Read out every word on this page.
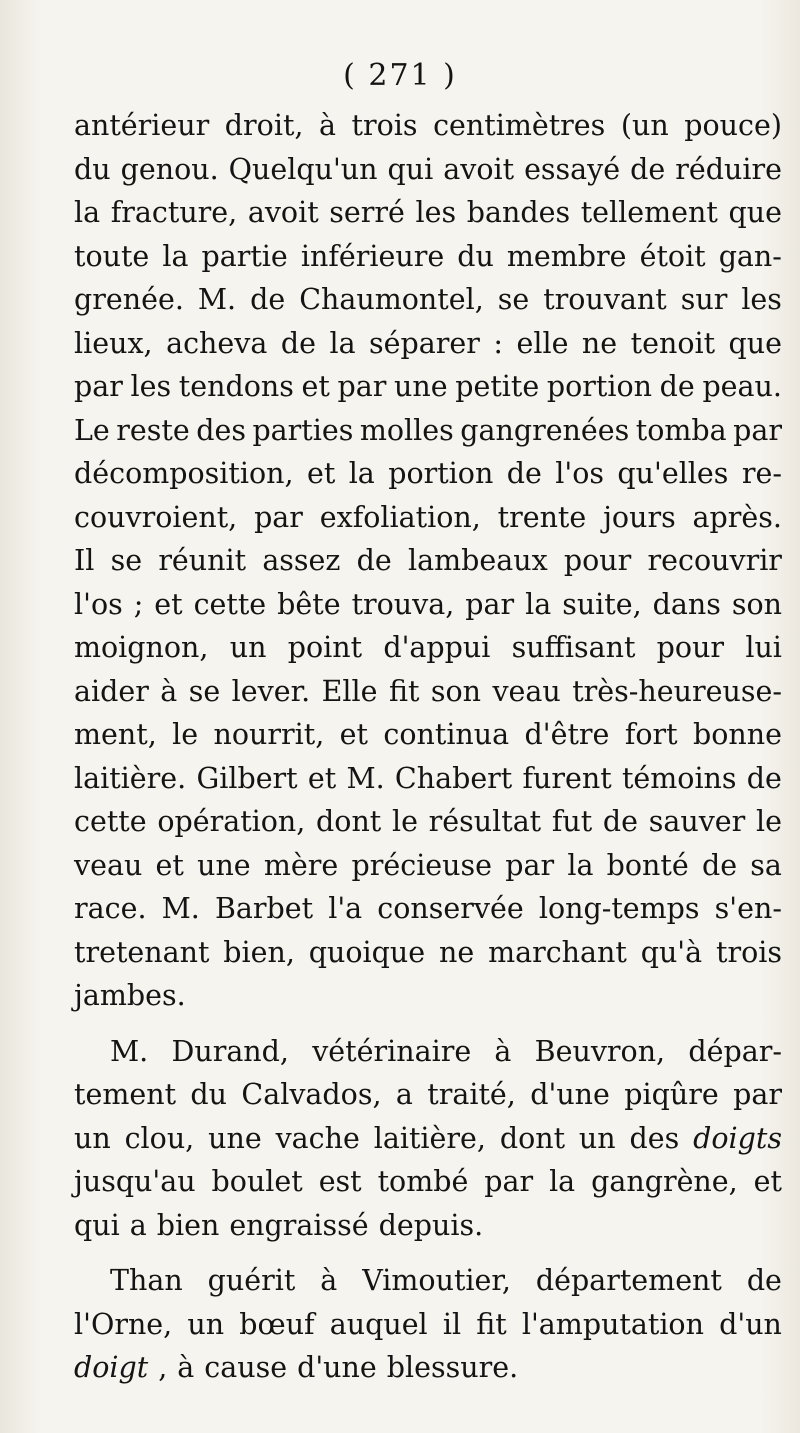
( 271 )
antérieur droit, à trois centimètres (un pouce)
du genou. Quelqu'un qui avoit essayé de réduire
la fracture, avoit serré les bandes tellement que
toute la partie inférieure du membre étoit gan-
grenée. M. de Chaumontel, se trouvant sur les
lieux, acheva de la séparer : elle ne tenoit que
par les tendons et par une petite portion de peau.
Le reste des parties molles gangrenées tomba par
décomposition, et la portion de l'os qu'elles re-
couvroient, par exfoliation, trente jours après.
Il se réunit assez de lambeaux pour recouvrir
l'os ; et cette bête trouva, par la suite, dans son
moignon, un point d'appui suffisant pour lui
aider à se lever. Elle fit son veau très-heureuse-
ment, le nourrit, et continua d'être fort bonne
laitière. Gilbert et M. Chabert furent témoins de
cette opération, dont le résultat fut de sauver le
veau et une mère précieuse par la bonté de sa
race. M. Barbet l'a conservée long-temps s'en-
tretenant bien, quoique ne marchant qu'à trois
jambes.
M. Durand, vétérinaire à Beuvron, dépar-
tement du Calvados, a traité, d'une piqûre par
un clou, une vache laitière, dont un des doigts
jusqu'au boulet est tombé par la gangrène, et
qui a bien engraissé depuis.
Than guérit à Vimoutier, département de
l'Orne, un bœuf auquel il fit l'amputation d'un
doigt , à cause d'une blessure.
